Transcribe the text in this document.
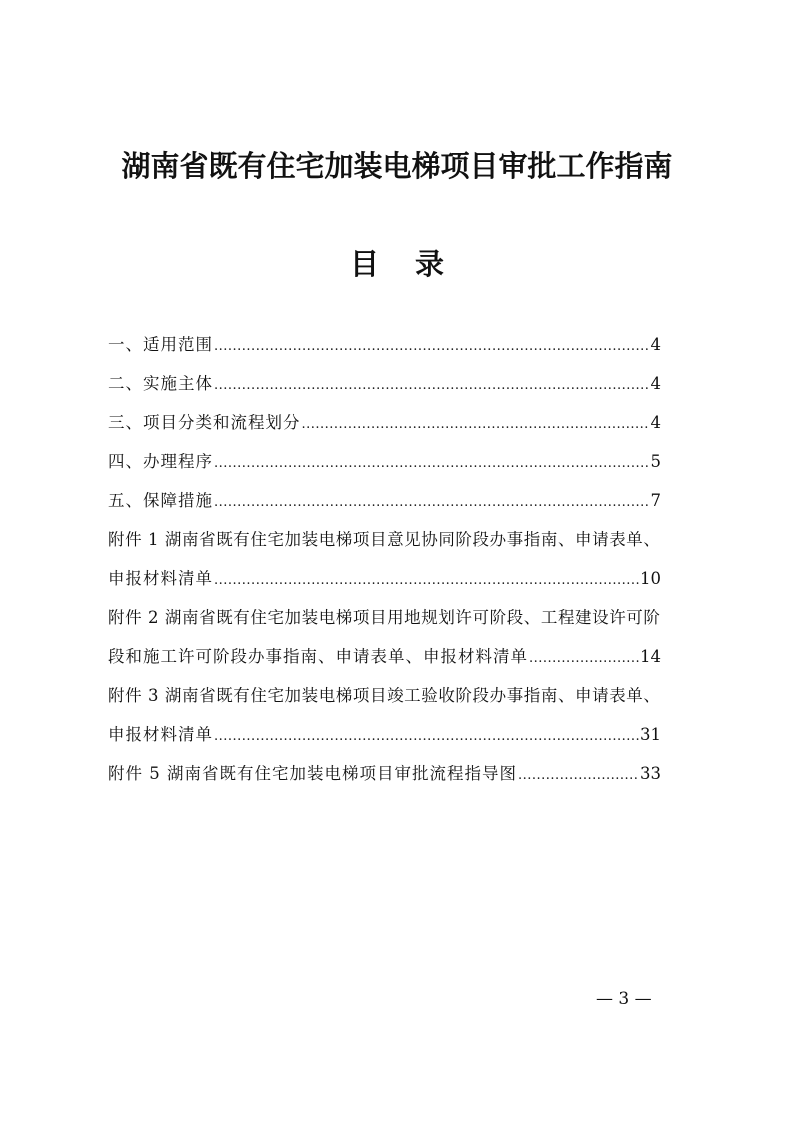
湖南省既有住宅加装电梯项目审批工作指南
目 录
一、适用范围 .....	4
二、实施主体 .....	4
三、项目分类和流程划分 .....	4
四、办理程序 .....	5
五、保障措施 .....	7
附件 1 湖南省既有住宅加装电梯项目意见协同阶段办事指南、申请表单、
申报材料清单 .....	10
附件 2 湖南省既有住宅加装电梯项目用地规划许可阶段、工程建设许可阶
段和施工许可阶段办事指南、申请表单、申报材料清单 .....	14
附件 3 湖南省既有住宅加装电梯项目竣工验收阶段办事指南、申请表单、
申报材料清单 .....	31
附件 5 湖南省既有住宅加装电梯项目审批流程指导图 .....	33
— 3 —
